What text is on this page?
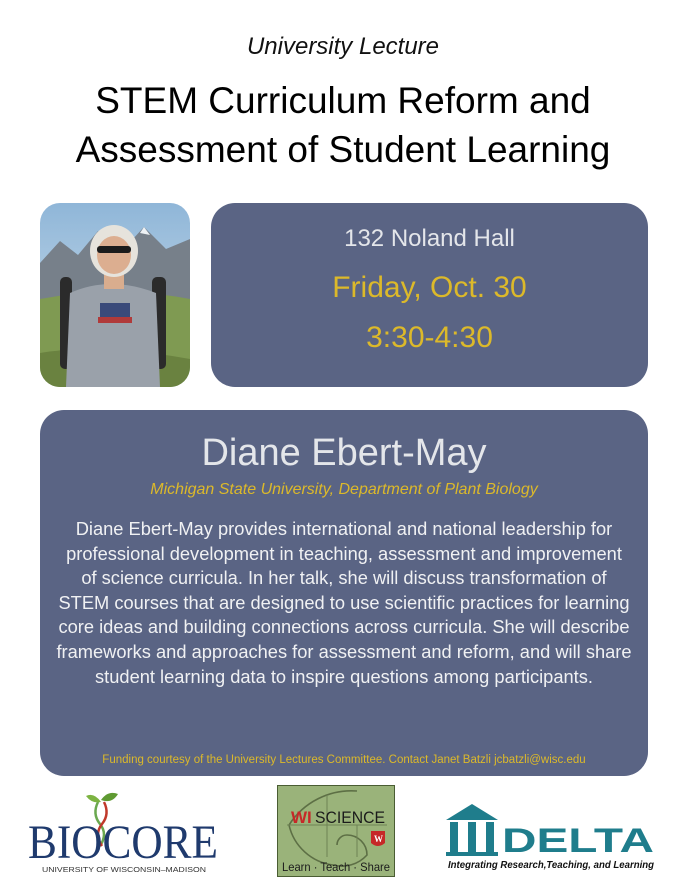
University Lecture
STEM Curriculum Reform and
Assessment of Student Learning
132 Noland Hall
Friday, Oct. 30
3:30-4:30
Diane Ebert-May
Michigan State University, Department of Plant Biology
Diane Ebert-May provides international and national leadership for professional development in teaching, assessment and improvement of science curricula. In her talk, she will discuss transformation of STEM courses that are designed to use scientific practices for learning core ideas and building connections across curricula. She will describe frameworks and approaches for assessment and reform, and will share student learning data to inspire questions among participants.
Funding courtesy of the University Lectures Committee. Contact Janet Batzli jcbatzli@wisc.edu
BIOCORE
UNIVERSITY OF WISCONSIN–MADISON
WI SCIENCE
W
Learn · Teach · Share
DELTA
Integrating Research,Teaching, and Learning
